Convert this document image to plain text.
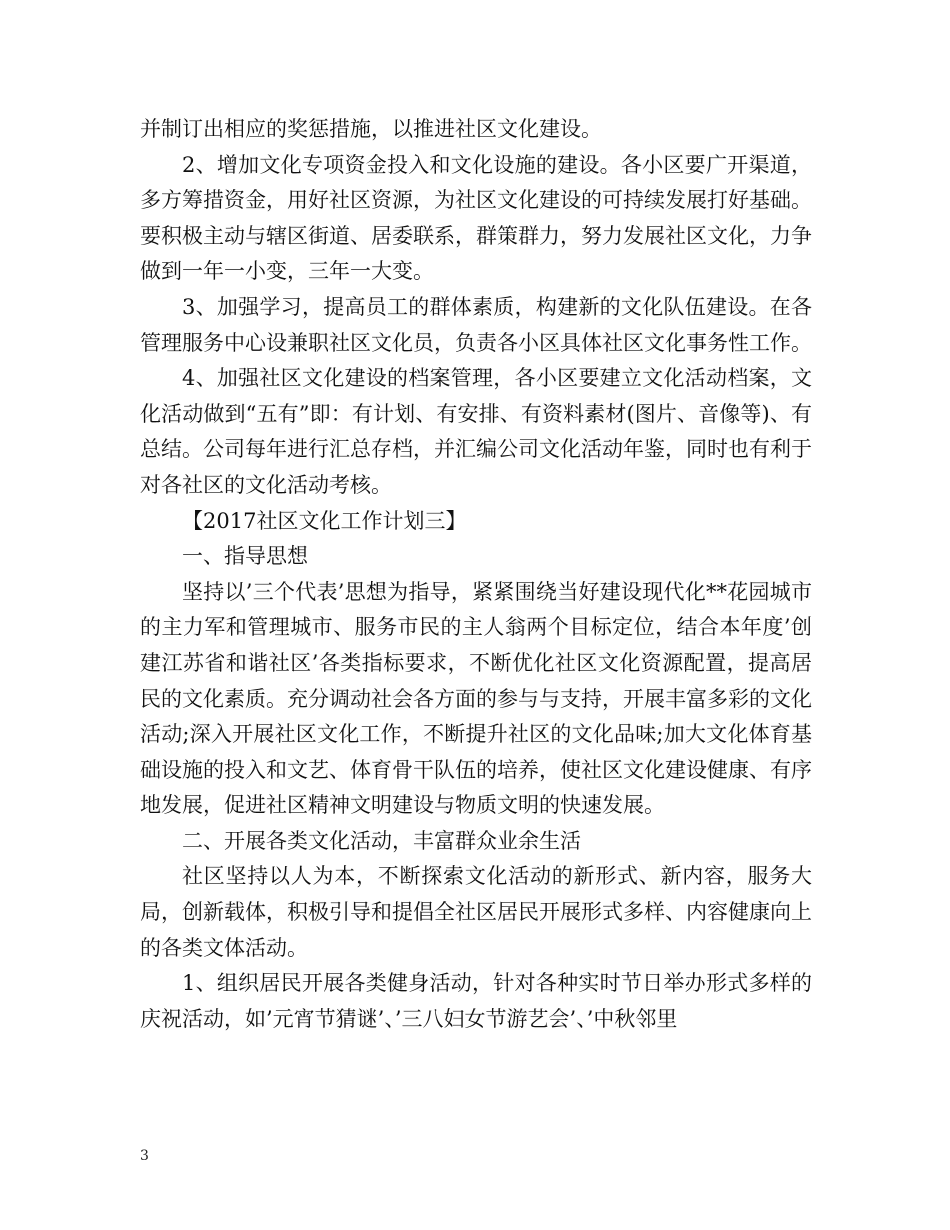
并制订出相应的奖惩措施，以推进社区文化建设。

2、增加文化专项资金投入和文化设施的建设。各小区要广开渠道，多方筹措资金，用好社区资源，为社区文化建设的可持续发展打好基础。要积极主动与辖区街道、居委联系，群策群力，努力发展社区文化，力争做到一年一小变，三年一大变。

3、加强学习，提高员工的群体素质，构建新的文化队伍建设。在各管理服务中心设兼职社区文化员，负责各小区具体社区文化事务性工作。

4、加强社区文化建设的档案管理，各小区要建立文化活动档案，文化活动做到“五有”即：有计划、有安排、有资料素材(图片、音像等)、有总结。公司每年进行汇总存档，并汇编公司文化活动年鉴，同时也有利于对各社区的文化活动考核。

【2017社区文化工作计划三】

一、指导思想

坚持以’三个代表’思想为指导，紧紧围绕当好建设现代化**花园城市的主力军和管理城市、服务市民的主人翁两个目标定位，结合本年度’创建江苏省和谐社区’各类指标要求，不断优化社区文化资源配置，提高居民的文化素质。充分调动社会各方面的参与与支持，开展丰富多彩的文化活动;深入开展社区文化工作，不断提升社区的文化品味;加大文化体育基础设施的投入和文艺、体育骨干队伍的培养，使社区文化建设健康、有序地发展，促进社区精神文明建设与物质文明的快速发展。

二、开展各类文化活动，丰富群众业余生活

社区坚持以人为本，不断探索文化活动的新形式、新内容，服务大局，创新载体，积极引导和提倡全社区居民开展形式多样、内容健康向上的各类文体活动。

1、组织居民开展各类健身活动，针对各种实时节日举办形式多样的庆祝活动，如’元宵节猜谜’、’三八妇女节游艺会’、’中秋邻里

3
